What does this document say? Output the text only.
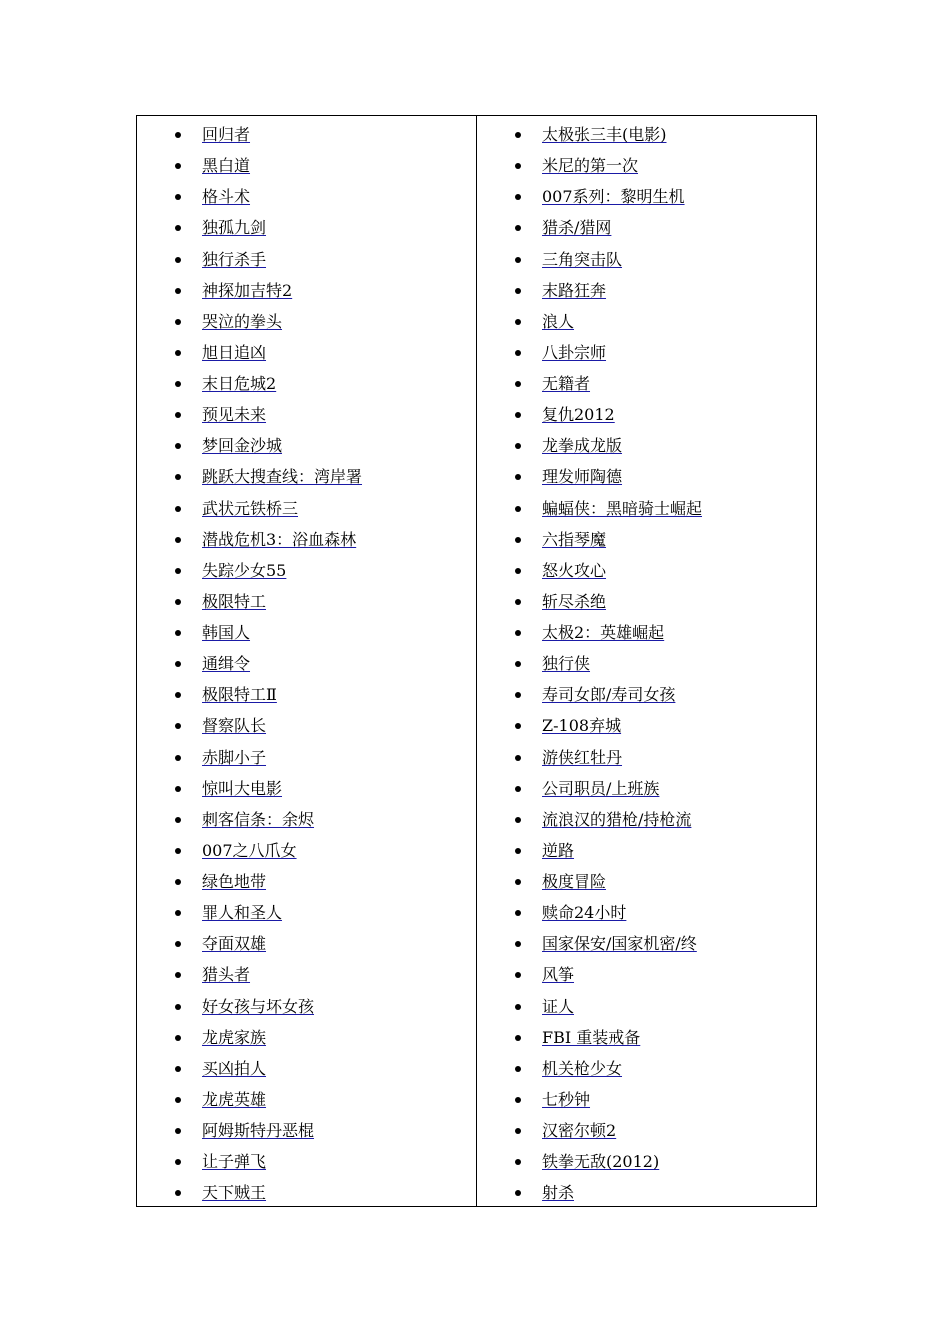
回归者
黑白道
格斗术
独孤九剑
独行杀手
神探加吉特2
哭泣的拳头
旭日追凶
末日危城2
预见未来
梦回金沙城
跳跃大搜查线：湾岸署
武状元铁桥三
潜战危机3：浴血森林
失踪少女55
极限特工
韩国人
通缉令
极限特工Ⅱ
督察队长
赤脚小子
惊叫大电影
刺客信条：余烬
007之八爪女
绿色地带
罪人和圣人
夺面双雄
猎头者
好女孩与坏女孩
龙虎家族
买凶拍人
龙虎英雄
阿姆斯特丹恶棍
让子弹飞
天下贼王
太极张三丰(电影)
米尼的第一次
007系列：黎明生机
猎杀/猎网
三角突击队
末路狂奔
浪人
八卦宗师
无籍者
复仇2012
龙拳成龙版
理发师陶德
蝙蝠侠：黑暗骑士崛起
六指琴魔
怒火攻心
斩尽杀绝
太极2：英雄崛起
独行侠
寿司女郎/寿司女孩
Z-108弃城
游侠红牡丹
公司职员/上班族
流浪汉的猎枪/持枪流
逆路
极度冒险
赎命24小时
国家保安/国家机密/终
风筝
证人
FBI 重装戒备
机关枪少女
七秒钟
汉密尔顿2
铁拳无敌(2012)
射杀
